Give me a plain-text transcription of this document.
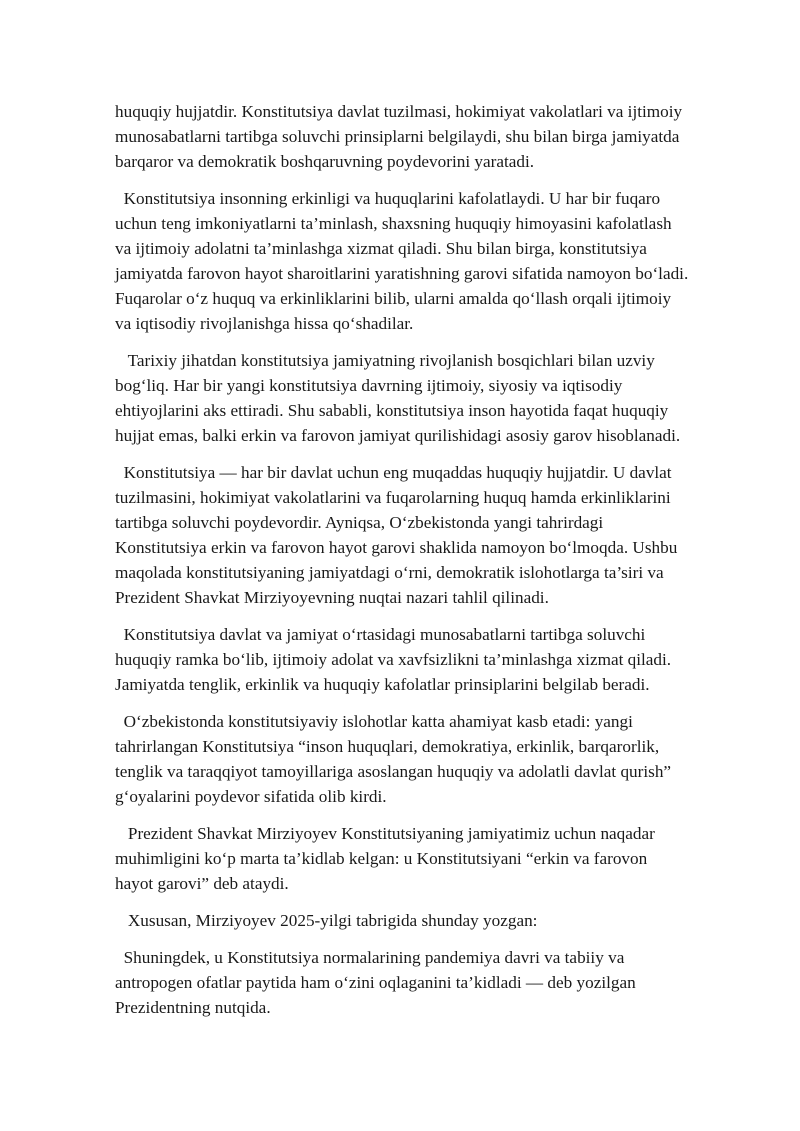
huquqiy hujjatdir. Konstitutsiya davlat tuzilmasi, hokimiyat vakolatlari va ijtimoiy
munosabatlarni tartibga soluvchi prinsiplarni belgilaydi, shu bilan birga jamiyatda
barqaror va demokratik boshqaruvning poydevorini yaratadi.

Konstitutsiya insonning erkinligi va huquqlarini kafolatlaydi. U har bir fuqaro
uchun teng imkoniyatlarni ta’minlash, shaxsning huquqiy himoyasini kafolatlash
va ijtimoiy adolatni ta’minlashga xizmat qiladi. Shu bilan birga, konstitutsiya
jamiyatda farovon hayot sharoitlarini yaratishning garovi sifatida namoyon bo‘ladi.
Fuqarolar o‘z huquq va erkinliklarini bilib, ularni amalda qo‘llash orqali ijtimoiy
va iqtisodiy rivojlanishga hissa qo‘shadilar.

Tarixiy jihatdan konstitutsiya jamiyatning rivojlanish bosqichlari bilan uzviy
bog‘liq. Har bir yangi konstitutsiya davrning ijtimoiy, siyosiy va iqtisodiy
ehtiyojlarini aks ettiradi. Shu sababli, konstitutsiya inson hayotida faqat huquqiy
hujjat emas, balki erkin va farovon jamiyat qurilishidagi asosiy garov hisoblanadi.

Konstitutsiya — har bir davlat uchun eng muqaddas huquqiy hujjatdir. U davlat
tuzilmasini, hokimiyat vakolatlarini va fuqarolarning huquq hamda erkinliklarini
tartibga soluvchi poydevordir. Ayniqsa, O‘zbekistonda yangi tahrirdagi
Konstitutsiya erkin va farovon hayot garovi shaklida namoyon bo‘lmoqda. Ushbu
maqolada konstitutsiyaning jamiyatdagi o‘rni, demokratik islohotlarga ta’siri va
Prezident Shavkat Mirziyoyevning nuqtai nazari tahlil qilinadi.

Konstitutsiya davlat va jamiyat o‘rtasidagi munosabatlarni tartibga soluvchi
huquqiy ramka bo‘lib, ijtimoiy adolat va xavfsizlikni ta’minlashga xizmat qiladi.
Jamiyatda tenglik, erkinlik va huquqiy kafolatlar prinsiplarini belgilab beradi.

O‘zbekistonda konstitutsiyaviy islohotlar katta ahamiyat kasb etadi: yangi
tahrirlangan Konstitutsiya “inson huquqlari, demokratiya, erkinlik, barqarorlik,
tenglik va taraqqiyot tamoyillariga asoslangan huquqiy va adolatli davlat qurish”
g‘oyalarini poydevor sifatida olib kirdi.

Prezident Shavkat Mirziyoyev Konstitutsiyaning jamiyatimiz uchun naqadar
muhimligini ko‘p marta ta’kidlab kelgan: u Konstitutsiyani “erkin va farovon
hayot garovi” deb ataydi.

Xususan, Mirziyoyev 2025-yilgi tabrigida shunday yozgan:

Shuningdek, u Konstitutsiya normalarining pandemiya davri va tabiiy va
antropogen ofatlar paytida ham o‘zini oqlaganini ta’kidladi — deb yozilgan
Prezidentning nutqida.
